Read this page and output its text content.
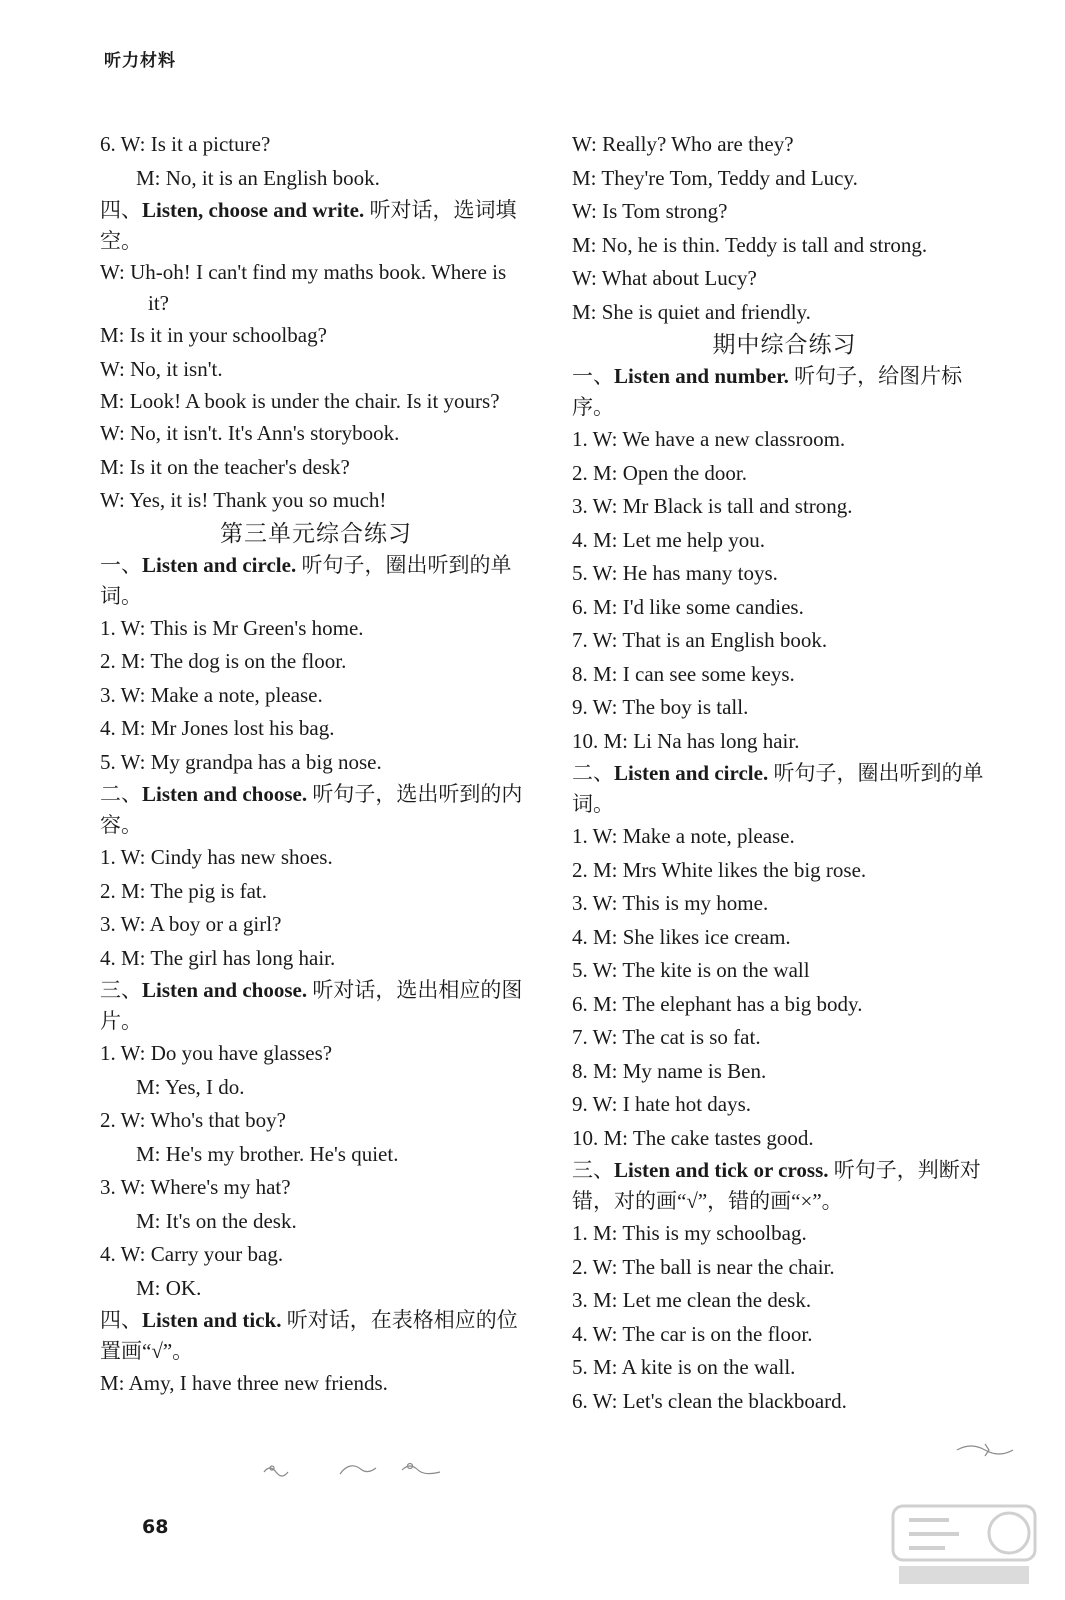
听力材料
6. W: Is it a picture?
M: No, it is an English book.
四、Listen, choose and write. 听对话，选词填空。
W: Uh-oh! I can't find my maths book. Where is it?
M: Is it in your schoolbag?
W: No, it isn't.
M: Look! A book is under the chair. Is it yours?
W: No, it isn't. It's Ann's storybook.
M: Is it on the teacher's desk?
W: Yes, it is! Thank you so much!
第三单元综合练习
一、Listen and circle. 听句子，圈出听到的单词。
1. W: This is Mr Green's home.
2. M: The dog is on the floor.
3. W: Make a note, please.
4. M: Mr Jones lost his bag.
5. W: My grandpa has a big nose.
二、Listen and choose. 听句子，选出听到的内容。
1. W: Cindy has new shoes.
2. M: The pig is fat.
3. W: A boy or a girl?
4. M: The girl has long hair.
三、Listen and choose. 听对话，选出相应的图片。
1. W: Do you have glasses?
M: Yes, I do.
2. W: Who's that boy?
M: He's my brother. He's quiet.
3. W: Where's my hat?
M: It's on the desk.
4. W: Carry your bag.
M: OK.
四、Listen and tick. 听对话，在表格相应的位置画“√”。
M: Amy, I have three new friends.
W: Really? Who are they?
M: They're Tom, Teddy and Lucy.
W: Is Tom strong?
M: No, he is thin. Teddy is tall and strong.
W: What about Lucy?
M: She is quiet and friendly.
期中综合练习
一、Listen and number. 听句子，给图片标序。
1. W: We have a new classroom.
2. M: Open the door.
3. W: Mr Black is tall and strong.
4. M: Let me help you.
5. W: He has many toys.
6. M: I'd like some candies.
7. W: That is an English book.
8. M: I can see some keys.
9. W: The boy is tall.
10. M: Li Na has long hair.
二、Listen and circle. 听句子，圈出听到的单词。
1. W: Make a note, please.
2. M: Mrs White likes the big rose.
3. W: This is my home.
4. M: She likes ice cream.
5. W: The kite is on the wall
6. M: The elephant has a big body.
7. W: The cat is so fat.
8. M: My name is Ben.
9. W: I hate hot days.
10. M: The cake tastes good.
三、Listen and tick or cross. 听句子，判断对错，对的画“√”，错的画“×”。
1. M: This is my schoolbag.
2. W: The ball is near the chair.
3. M: Let me clean the desk.
4. W: The car is on the floor.
5. M: A kite is on the wall.
6. W: Let's clean the blackboard.
68
